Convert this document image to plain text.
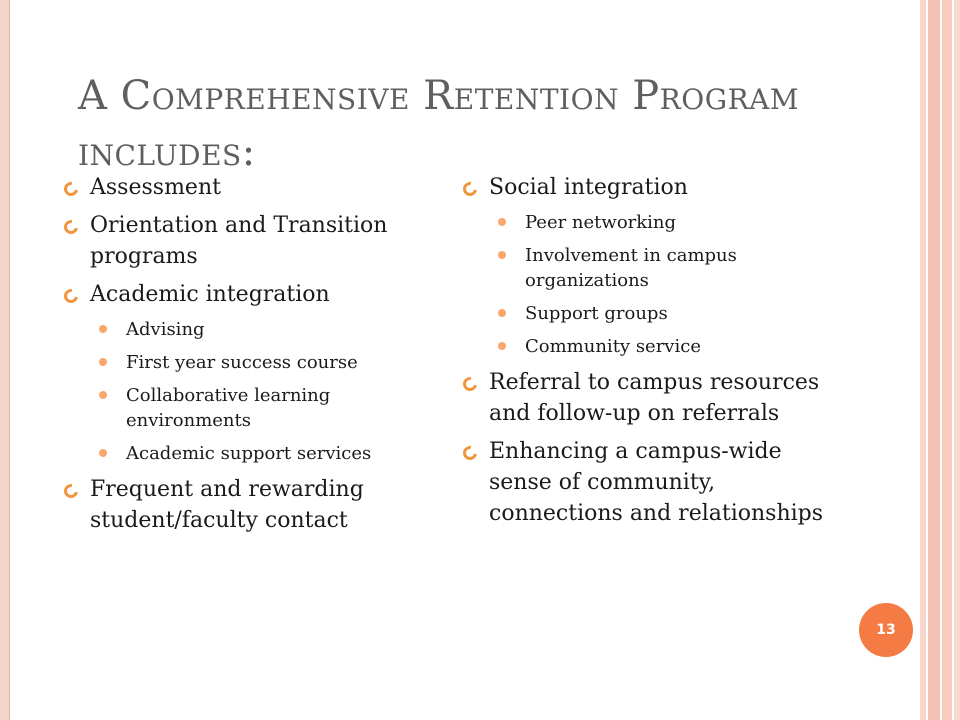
A Comprehensive Retention Program
includes:
Assessment
Orientation and Transition programs
Academic integration
Advising
First year success course
Collaborative learning environments
Academic support services
Frequent and rewarding student/faculty contact
Social integration
Peer networking
Involvement in campus organizations
Support groups
Community service
Referral to campus resources and follow-up on referrals
Enhancing a campus-wide sense of community, connections and relationships
13
